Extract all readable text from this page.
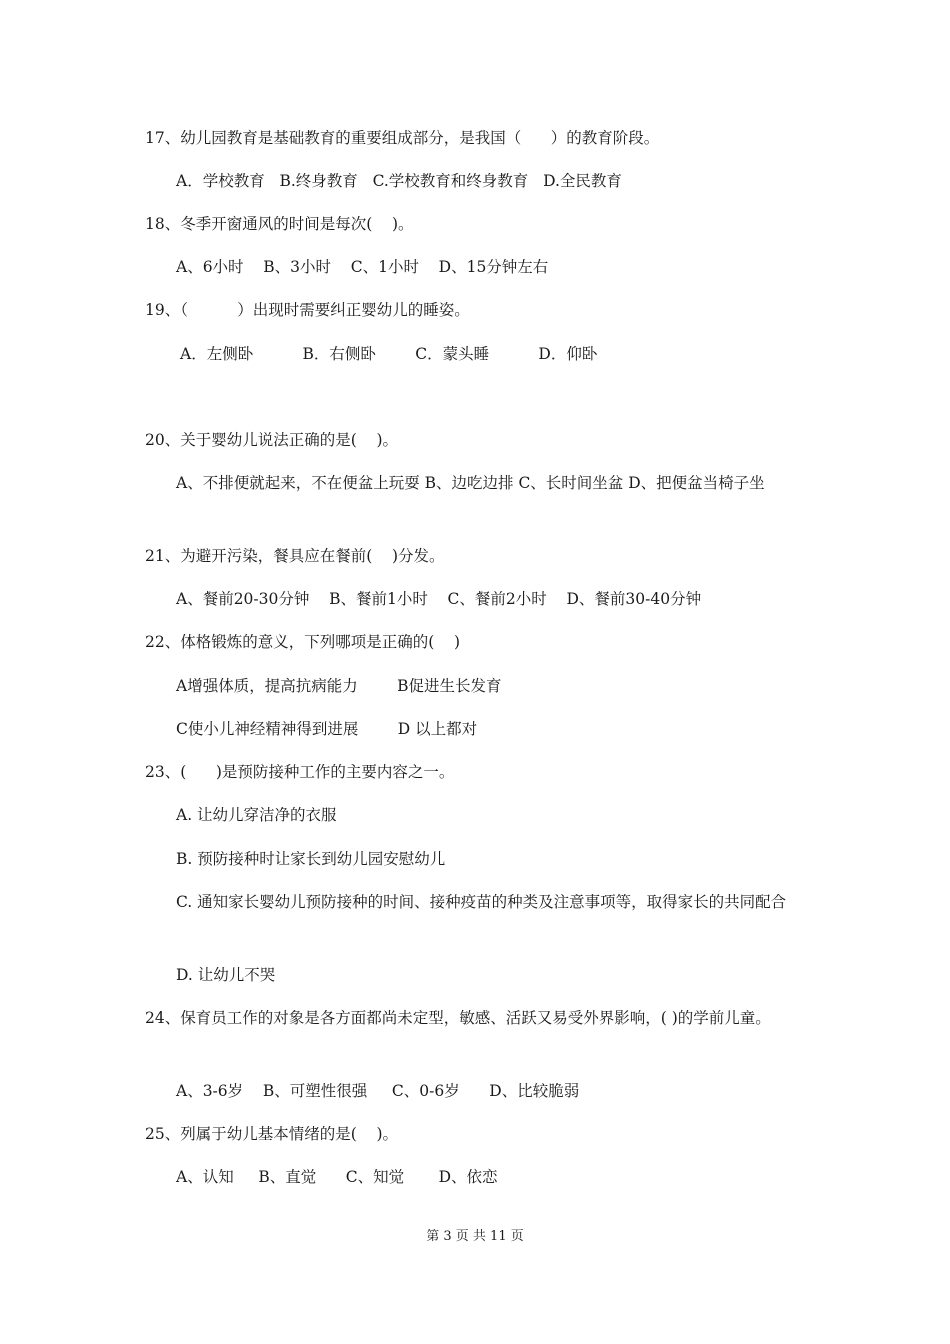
17、幼儿园教育是基础教育的重要组成部分，是我国（      ）的教育阶段。
A．学校教育   B.终身教育   C.学校教育和终身教育   D.全民教育
18、冬季开窗通风的时间是每次(    )。
A、6小时    B、3小时    C、1小时    D、15分钟左右
19、（          ）出现时需要纠正婴幼儿的睡姿。
A．左侧卧          B．右侧卧        C．蒙头睡          D．仰卧
20、关于婴幼儿说法正确的是(    )。
A、不排便就起来，不在便盆上玩耍 B、边吃边排 C、长时间坐盆 D、把便盆当椅子坐
21、为避开污染，餐具应在餐前(    )分发。
A、餐前20-30分钟    B、餐前1小时    C、餐前2小时    D、餐前30-40分钟
22、体格锻炼的意义，下列哪项是正确的(    )
A增强体质，提高抗病能力        B促进生长发育
C使小儿神经精神得到进展        D 以上都对
23、(      )是预防接种工作的主要内容之一。
A. 让幼儿穿洁净的衣服
B. 预防接种时让家长到幼儿园安慰幼儿
C. 通知家长婴幼儿预防接种的时间、接种疫苗的种类及注意事项等，取得家长的共同配合
D. 让幼儿不哭
24、保育员工作的对象是各方面都尚未定型，敏感、活跃又易受外界影响，( )的学前儿童。
A、3-6岁    B、可塑性很强     C、0-6岁      D、比较脆弱
25、列属于幼儿基本情绪的是(    )。
A、认知     B、直觉      C、知觉       D、依恋
第 3 页 共 11 页
